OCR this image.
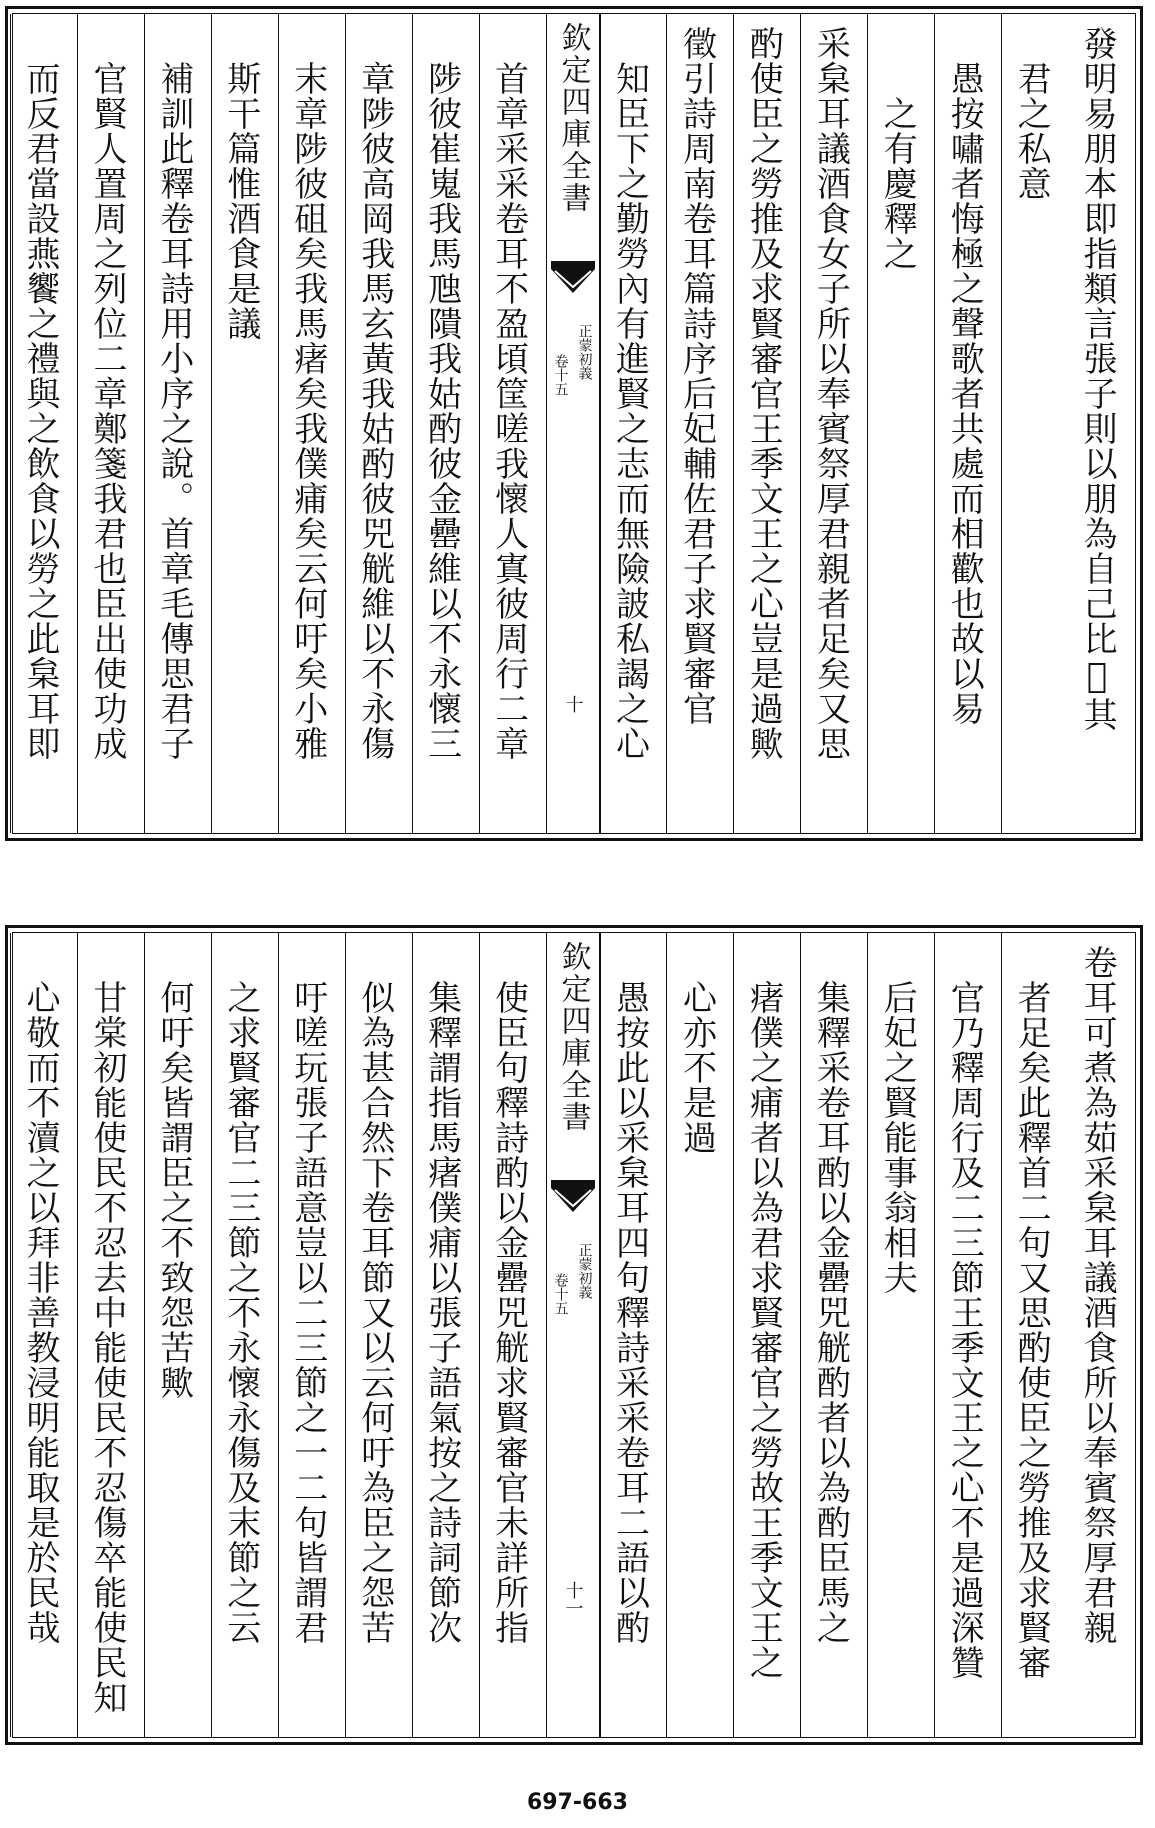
發明易朋本即指類言張子則以朋為自己比𣈆其
　君之私意
　愚按嘯者悔極之聲歌者共處而相歡也故以易
　　之有慶釋之
采枲耳議酒食女子所以奉賓祭厚君親者足矣又思
酌使臣之勞推及求賢審官王季文王之心豈是過歟
徵引詩周南卷耳篇詩序后妃輔佐君子求賢審官
　知臣下之勤勞內有進賢之志而無險詖私謁之心
欽定四庫全書
正蒙初義
卷十五
十
　首章采采卷耳不盈頃筐嗟我懷人寘彼周行二章
　陟彼崔嵬我馬虺隤我姑酌彼金罍維以不永懷三
　章陟彼高岡我馬玄黃我姑酌彼兕觥維以不永傷
　末章陟彼砠矣我馬瘏矣我僕痡矣云何吁矣小雅
　斯干篇惟酒食是議
　補訓此釋卷耳詩用小序之說。首章毛傳思君子
　官賢人置周之列位二章鄭箋我君也臣出使功成
　而反君當設燕饗之禮與之飲食以勞之此枲耳即
卷耳可煮為茹采枲耳議酒食所以奉賓祭厚君親
　者足矣此釋首二句又思酌使臣之勞推及求賢審
　官乃釋周行及二三節王季文王之心不是過深贊
　后妃之賢能事翁相夫
　集釋采卷耳酌以金罍兕觥酌者以為酌臣馬之
　瘏僕之痡者以為君求賢審官之勞故王季文王之
　心亦不是過
　愚按此以采枲耳四句釋詩采采卷耳二語以酌
欽定四庫全書
正蒙初義
卷十五
十一
　使臣句釋詩酌以金罍兕觥求賢審官未詳所指
　集釋謂指馬瘏僕痡以張子語氣按之詩詞節次
　似為甚合然下卷耳節又以云何吁為臣之怨苦
　吁嗟玩張子語意豈以二三節之一二句皆謂君
　之求賢審官二三節之不永懷永傷及末節之云
　何吁矣皆謂臣之不致怨苦歟
　甘棠初能使民不忍去中能使民不忍傷卒能使民知
　心敬而不瀆之以拜非善教浸明能取是於民哉
697-663
